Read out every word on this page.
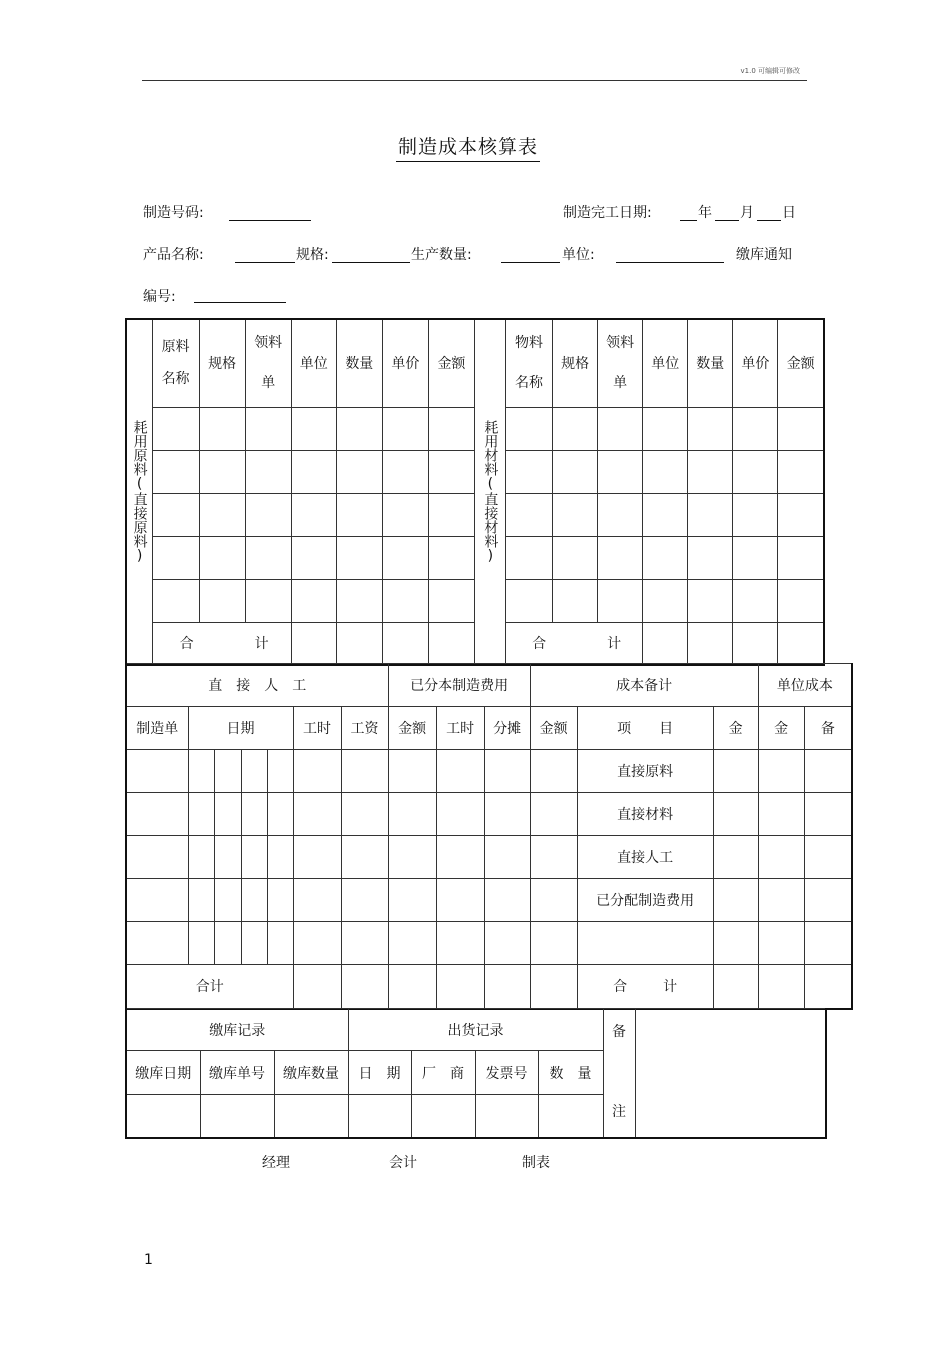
v1.0 可编辑可修改
制造成本核算表
制造号码:	制造完工日期:	年 月 日
产品名称:	规格:	生产数量:	单位:	缴库通知
编号:
耗用原料(直接原料)	原料名称	规格	领料单	单位	数量	单价	金额	耗用材料(直接材料)	物料名称	规格	领料单	单位	数量	单价	金额

	合 计								合 计						
直　接　人　工							已分本制造费用			成本备计			单位成本	
制造单	日期				工时	工资	金额	工时	分摊	金额	项　　目	金	金	备
											直接原料			
											直接材料			
											直接人工			
											已分配制造费用			

合计											合 计			
缴库记录			出货记录				备
注	

缴库日期	缴库单号	缴库数量	日　期	厂　商	发票号	数　量		

经理	会计	制表
1
